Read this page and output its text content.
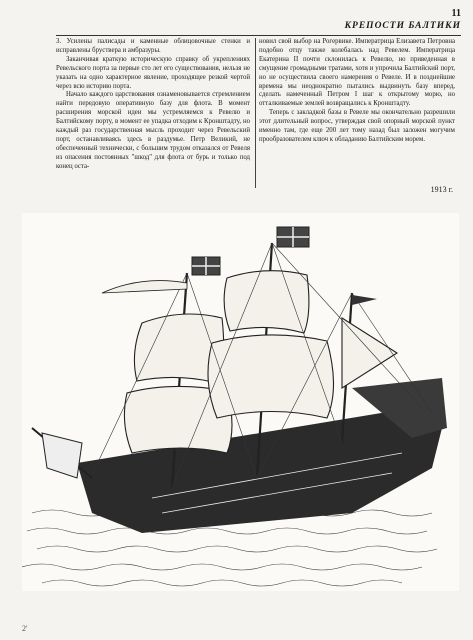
11
КРЕПОСТИ БАЛТИКИ

3. Усилены палисады и каменные облицовочные стенки и исправлены брустверa и амбразуры.

Заканчивая краткую историческую справку об укреплениях Ревельского порта за первые сто лет его существования, нельзя не указать на одно характерное явление, проходящее резкой чертой через всю историю порта.

Начало каждого царствования ознаменовывается стремлением найти передовую оперативную базу для флота. В момент расширения морской идеи мы устремляемся к Ревелю и Балтийскому порту, в момент ее упадка отходим к Кронштадту, но каждый раз государственная мысль проходит через Ревельский порт, останавливаясь здесь в раздумье. Петр Великий, не обеспеченный технически, с большим трудом отказался от Ревеля из опасения постоянных "шкод" для флота от бурь и только под конец оста-

новил свой выбор на Рогервике. Императрица Елизавета Петровна подобно отцу также колебалась над Ревелем. Императрица Екатерина II почти склонилась к Ревелю, но приведенная в смущение громадными тратами, хотя и упрочила Балтийский порт, но не осуществила своего намерения о Ревеле. И в позднейшие времена мы неоднократно пытались выдвинуть базу вперед, сделать намеченный Петром I шаг к открытому морю, но отталкиваемые землей возвращались к Кронштадту.

Теперь с закладкой базы в Ревеле мы окончательно разрешили этот длительный вопрос, утверждая свой опорный морской пункт именно там, где еще 200 лет тому назад был заложен могучим прообразователем ключ к обладанию Балтийским морем.

1913 г.
2'
